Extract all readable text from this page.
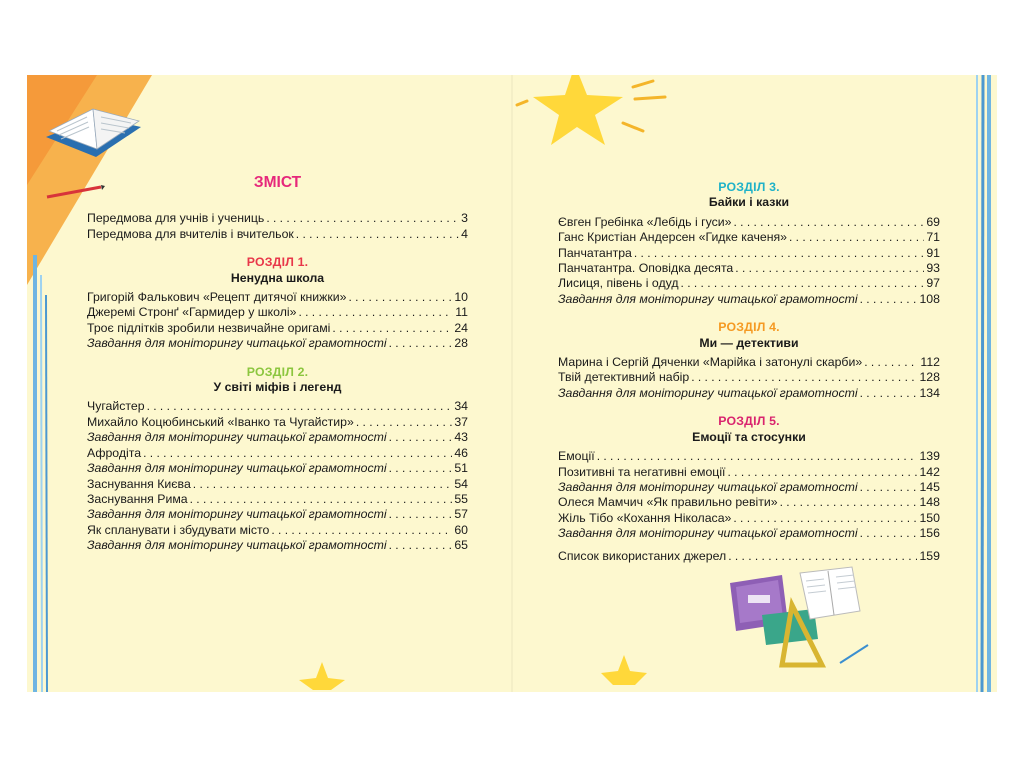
ЗМІСТ
Передмова для учнів і учениць . . .	3
Передмова для вчителів і вчительок . . .	4
РОЗДІЛ 1.
Ненудна школа
Григорій Фалькович «Рецепт дитячої книжки» . . .	10
Джеремі Стронґ «Гармидер у школі» . . .	11
Троє підлітків зробили незвичайне оригамі . . .	24
Завдання для моніторингу читацької грамотності . . .	28
РОЗДІЛ 2.
У світі міфів і легенд
Чугайстер . . .	34
Михайло Коцюбинський «Іванко та Чугайстир» . . .	37
Завдання для моніторингу читацької грамотності . . .	43
Афродіта . . .	46
Завдання для моніторингу читацької грамотності . . .	51
Заснування Києва . . .	54
Заснування Рима . . .	55
Завдання для моніторингу читацької грамотності . . .	57
Як спланувати і збудувати місто . . .	60
Завдання для моніторингу читацької грамотності . . .	65
РОЗДІЛ 3.
Байки і казки
Євген Гребінка «Лебідь і гуси» . . .	69
Ганс Кристіан Андерсен «Гидке каченя» . . .	71
Панчатантра . . .	91
Панчатантра. Оповідка десята . . .	93
Лисиця, півень і одуд . . .	97
Завдання для моніторингу читацької грамотності . . .	108
РОЗДІЛ 4.
Ми — детективи
Марина і Сергій Дяченки «Марійка і затонулі скарби» . . .	112
Твій детективний набір . . .	128
Завдання для моніторингу читацької грамотності . . .	134
РОЗДІЛ 5.
Емоції та стосунки
Емоції . . .	139
Позитивні та негативні емоції . . .	142
Завдання для моніторингу читацької грамотності . . .	145
Олеся Мамчич «Як правильно ревіти» . . .	148
Жіль Тібо «Кохання Ніколаса» . . .	150
Завдання для моніторингу читацької грамотності . . .	156
Список використаних джерел . . .	159
